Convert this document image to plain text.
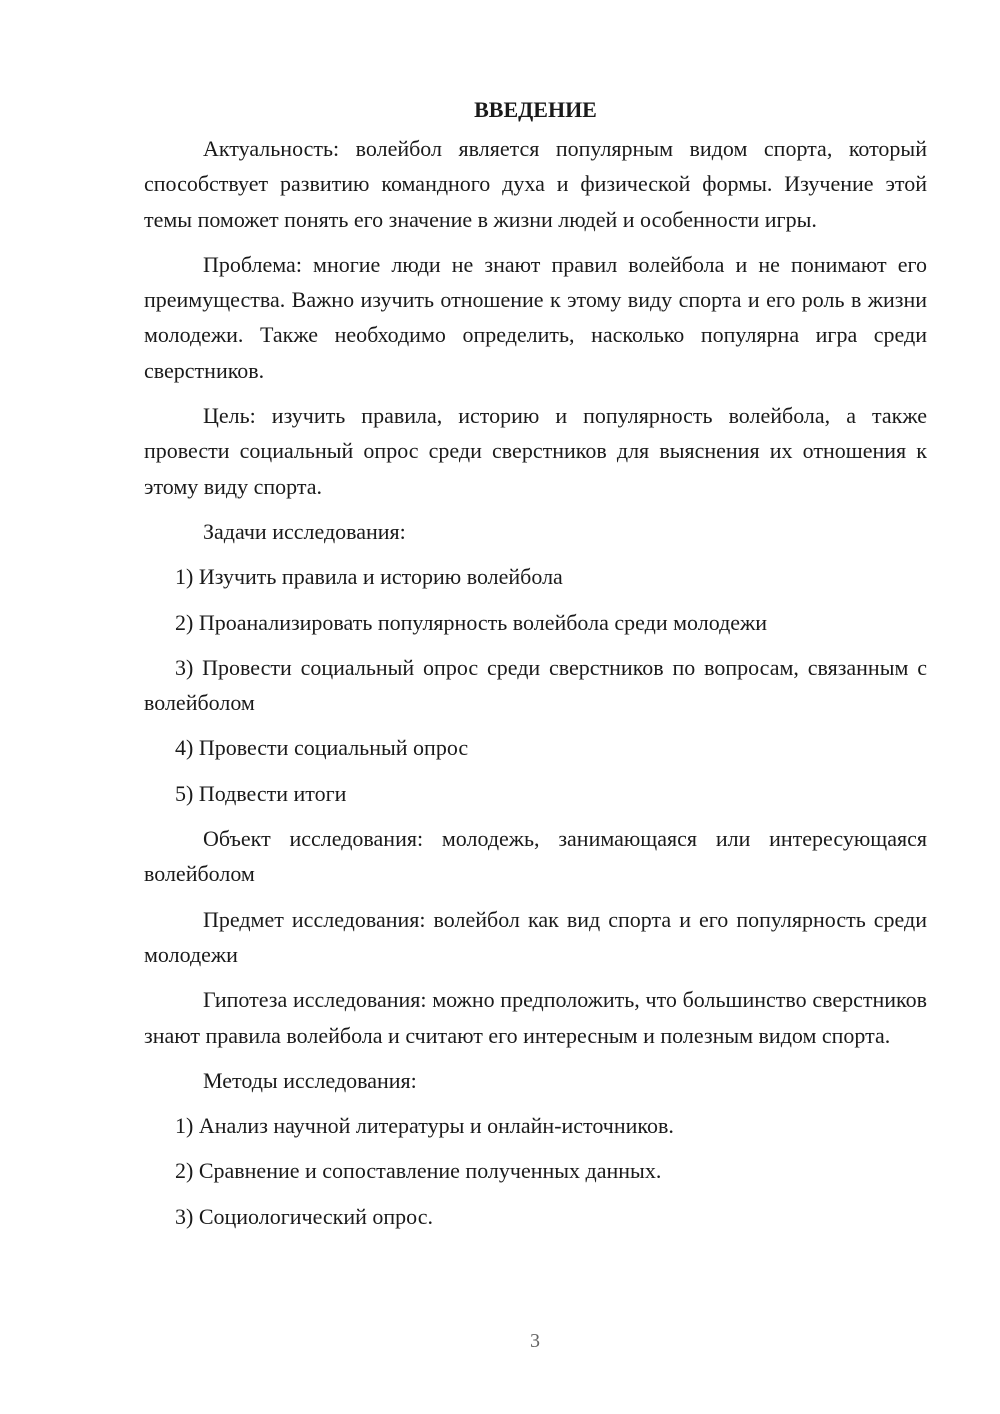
ВВЕДЕНИЕ
Актуальность: волейбол является популярным видом спорта, который способствует развитию командного духа и физической формы. Изучение этой темы поможет понять его значение в жизни людей и особенности игры.
Проблема: многие люди не знают правил волейбола и не понимают его преимущества. Важно изучить отношение к этому виду спорта и его роль в жизни молодежи. Также необходимо определить, насколько популярна игра среди сверстников.
Цель: изучить правила, историю и популярность волейбола, а также провести социальный опрос среди сверстников для выяснения их отношения к этому виду спорта.
Задачи исследования:
1) Изучить правила и историю волейбола
2) Проанализировать популярность волейбола среди молодежи
3) Провести социальный опрос среди сверстников по вопросам, связанным с волейболом
4) Провести социальный опрос
5) Подвести итоги
Объект исследования: молодежь, занимающаяся или интересующаяся волейболом
Предмет исследования: волейбол как вид спорта и его популярность среди молодежи
Гипотеза исследования: можно предположить, что большинство сверстников знают правила волейбола и считают его интересным и полезным видом спорта.
Методы исследования:
1) Анализ научной литературы и онлайн-источников.
2) Сравнение и сопоставление полученных данных.
3) Социологический опрос.
3
